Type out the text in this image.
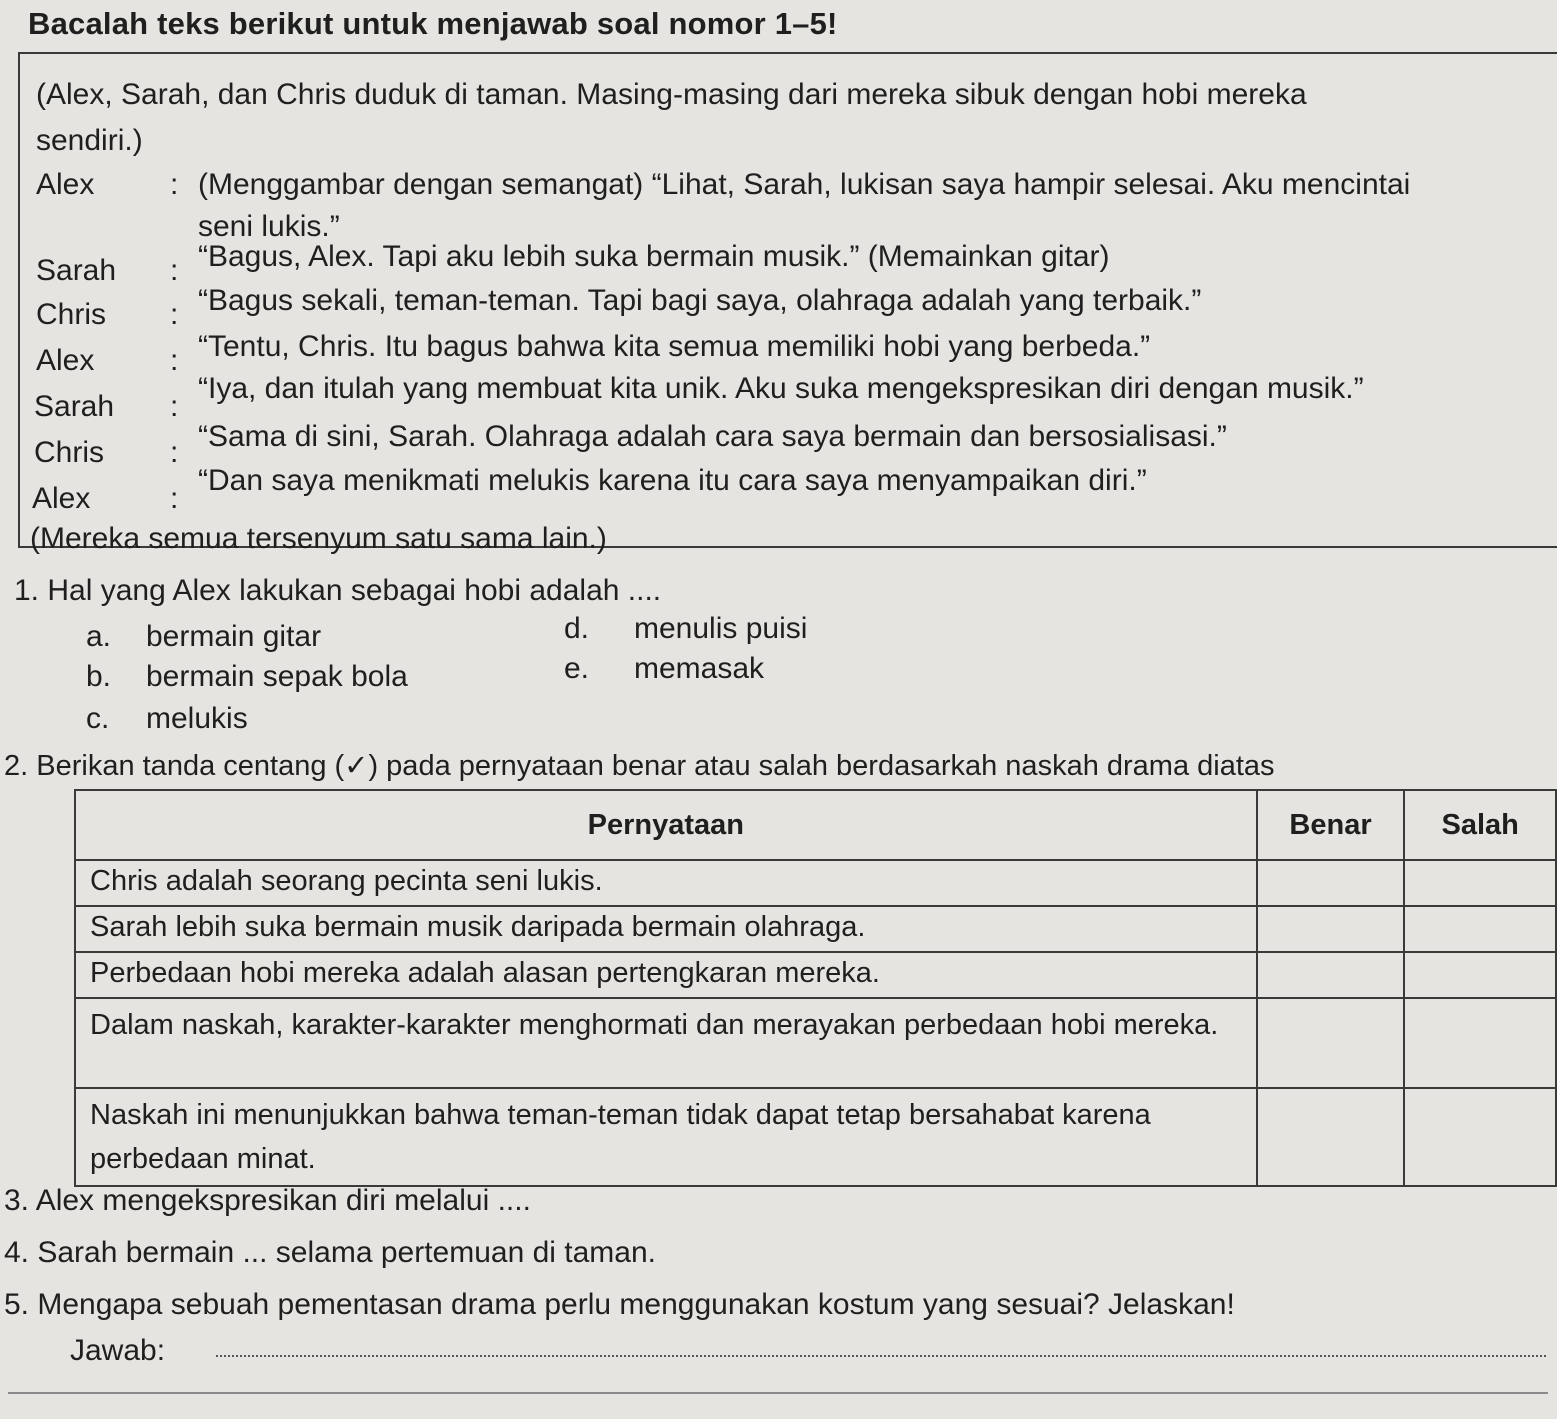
Bacalah teks berikut untuk menjawab soal nomor 1–5!
(Alex, Sarah, dan Chris duduk di taman. Masing-masing dari mereka sibuk dengan hobi mereka
sendiri.)
Alex	: (Menggambar dengan semangat) “Lihat, Sarah, lukisan saya hampir selesai. Aku mencintai
seni lukis.”
Sarah : “Bagus, Alex. Tapi aku lebih suka bermain musik.” (Memainkan gitar)
Chris : “Bagus sekali, teman-teman. Tapi bagi saya, olahraga adalah yang terbaik.”
Alex	: “Tentu, Chris. Itu bagus bahwa kita semua memiliki hobi yang berbeda.”
Sarah :
“Iya, dan itulah yang membuat kita unik. Aku suka mengekspresikan diri dengan musik.”
Chris : “Sama di sini, Sarah. Olahraga adalah cara saya bermain dan bersosialisasi.”
Alex	:
“Dan saya menikmati melukis karena itu cara saya menyampaikan diri.”
(Mereka semua tersenyum satu sama lain.)
1. Hal yang Alex lakukan sebagai hobi adalah ....
a. bermain gitar
b. bermain sepak bola
c. melukis
d. menulis puisi
e. memasak
2. Berikan tanda centang (✓) pada pernyataan benar atau salah berdasarkah naskah drama diatas
Pernyataan	Benar	Salah
Chris adalah seorang pecinta seni lukis.		
Sarah lebih suka bermain musik daripada bermain olahraga.		
Perbedaan hobi mereka adalah alasan pertengkaran mereka.		
Dalam naskah, karakter-karakter menghormati dan merayakan perbedaan hobi mereka.		
Naskah ini menunjukkan bahwa teman-teman tidak dapat tetap bersahabat karena perbedaan minat.		
3. Alex mengekspresikan diri melalui ....
4. Sarah bermain ... selama pertemuan di taman.
5. Mengapa sebuah pementasan drama perlu menggunakan kostum yang sesuai? Jelaskan!
Jawab:
